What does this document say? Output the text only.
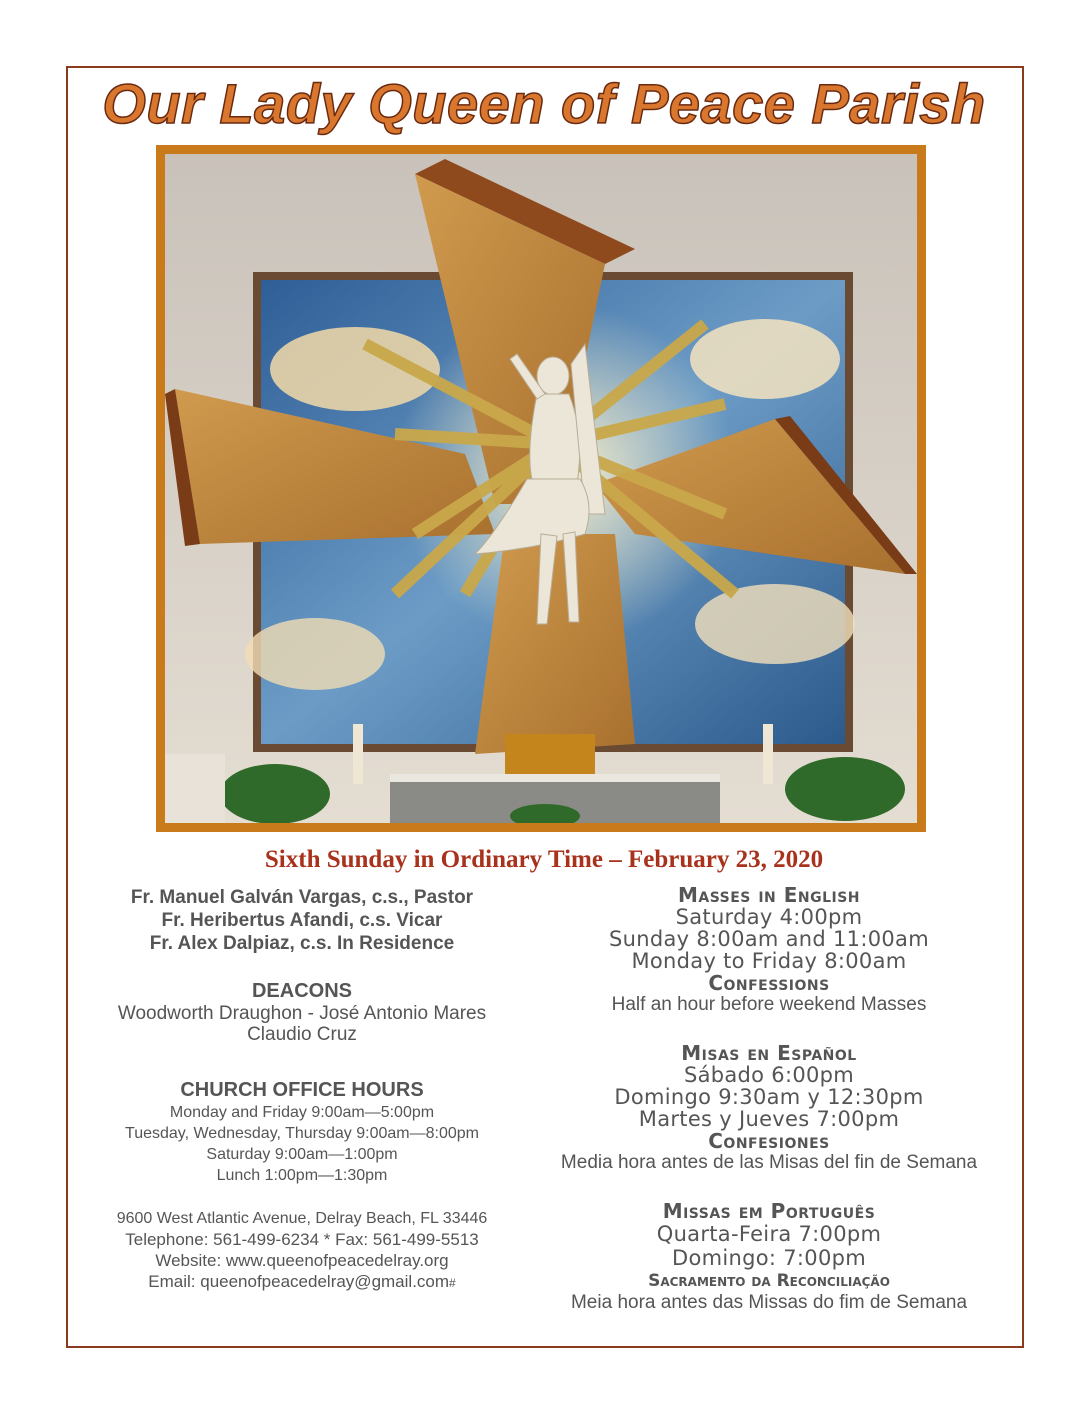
Our Lady Queen of Peace Parish
Sixth Sunday in Ordinary Time – February 23, 2020
Fr. Manuel Galván Vargas, c.s., Pastor
Fr. Heribertus Afandi, c.s. Vicar
Fr. Alex Dalpiaz, c.s. In Residence
DEACONS
Woodworth Draughon - José Antonio Mares
Claudio Cruz
CHURCH OFFICE HOURS
Monday and Friday 9:00am—5:00pm
Tuesday, Wednesday, Thursday 9:00am—8:00pm
Saturday 9:00am—1:00pm
Lunch 1:00pm—1:30pm
9600 West Atlantic Avenue, Delray Beach, FL 33446
Telephone: 561-499-6234 * Fax: 561-499-5513
Website: www.queenofpeacedelray.org
Email: queenofpeacedelray@gmail.com#
Masses in English
Saturday 4:00pm
Sunday 8:00am and 11:00am
Monday to Friday 8:00am
Confessions
Half an hour before weekend Masses
Misas en Español
Sábado 6:00pm
Domingo 9:30am y 12:30pm
Martes y Jueves 7:00pm
Confesiones
Media hora antes de las Misas del fin de Semana
Missas em Português
Quarta-Feira 7:00pm
Domingo: 7:00pm
Sacramento da Reconciliação
Meia hora antes das Missas do fim de Semana
